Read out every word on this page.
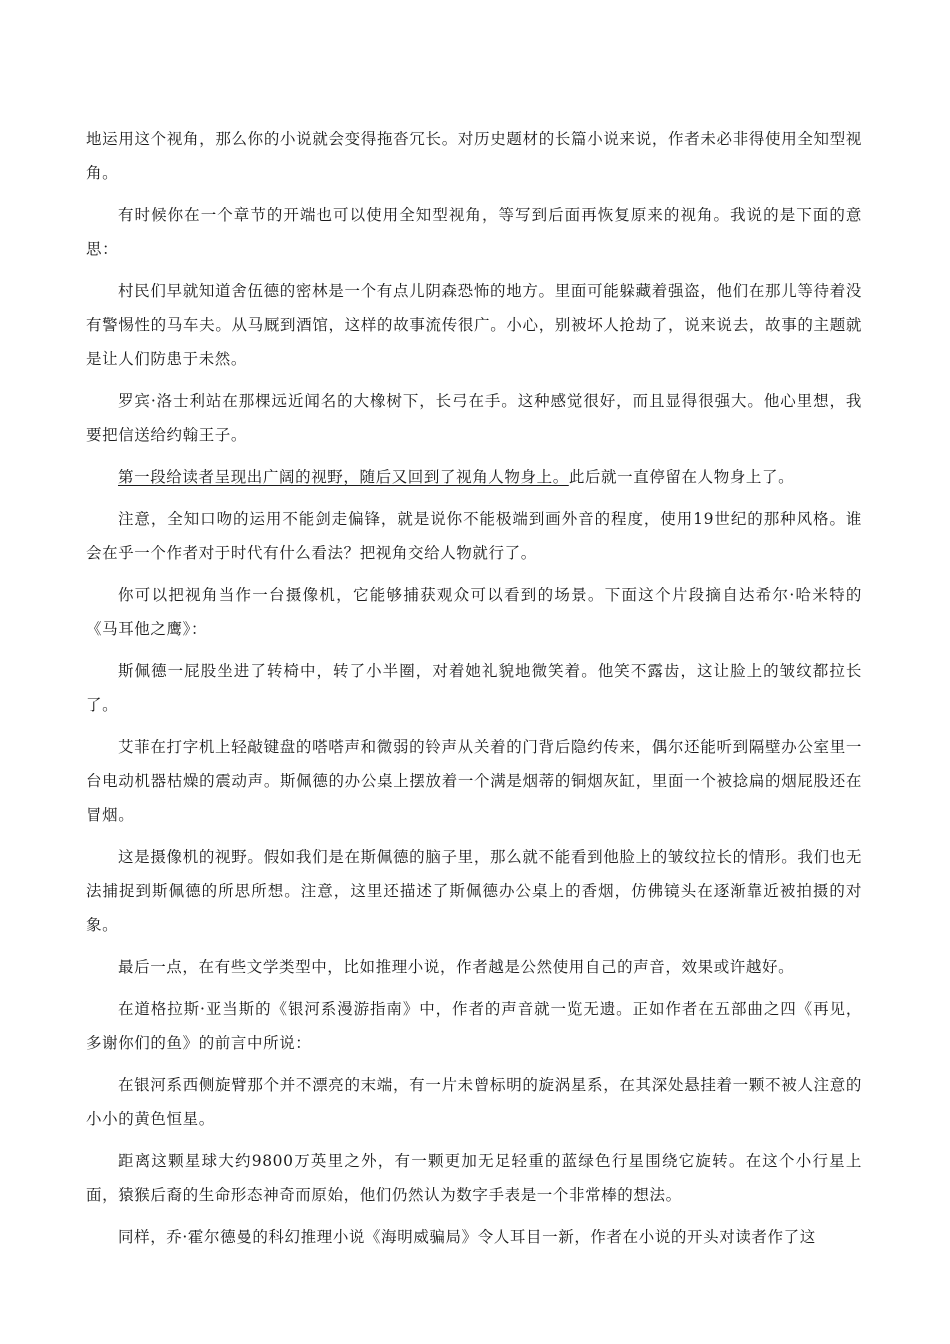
地运用这个视角，那么你的小说就会变得拖沓冗长。对历史题材的长篇小说来说，作者未必非得使用全知型视角。

有时候你在一个章节的开端也可以使用全知型视角，等写到后面再恢复原来的视角。我说的是下面的意思：

村民们早就知道舍伍德的密林是一个有点儿阴森恐怖的地方。里面可能躲藏着强盗，他们在那儿等待着没有警惕性的马车夫。从马厩到酒馆，这样的故事流传很广。小心，别被坏人抢劫了，说来说去，故事的主题就是让人们防患于未然。

罗宾·洛士利站在那棵远近闻名的大橡树下，长弓在手。这种感觉很好，而且显得很强大。他心里想，我要把信送给约翰王子。

第一段给读者呈现出广阔的视野，随后又回到了视角人物身上。此后就一直停留在人物身上了。

注意，全知口吻的运用不能剑走偏锋，就是说你不能极端到画外音的程度，使用19世纪的那种风格。谁会在乎一个作者对于时代有什么看法？把视角交给人物就行了。

你可以把视角当作一台摄像机，它能够捕获观众可以看到的场景。下面这个片段摘自达希尔·哈米特的《马耳他之鹰》：

斯佩德一屁股坐进了转椅中，转了小半圈，对着她礼貌地微笑着。他笑不露齿，这让脸上的皱纹都拉长了。

艾菲在打字机上轻敲键盘的嗒嗒声和微弱的铃声从关着的门背后隐约传来，偶尔还能听到隔壁办公室里一台电动机器枯燥的震动声。斯佩德的办公桌上摆放着一个满是烟蒂的铜烟灰缸，里面一个被捻扁的烟屁股还在冒烟。

这是摄像机的视野。假如我们是在斯佩德的脑子里，那么就不能看到他脸上的皱纹拉长的情形。我们也无法捕捉到斯佩德的所思所想。注意，这里还描述了斯佩德办公桌上的香烟，仿佛镜头在逐渐靠近被拍摄的对象。

最后一点，在有些文学类型中，比如推理小说，作者越是公然使用自己的声音，效果或许越好。

在道格拉斯·亚当斯的《银河系漫游指南》中，作者的声音就一览无遗。正如作者在五部曲之四《再见，多谢你们的鱼》的前言中所说：

在银河系西侧旋臂那个并不漂亮的末端，有一片未曾标明的旋涡星系，在其深处悬挂着一颗不被人注意的小小的黄色恒星。

距离这颗星球大约9800万英里之外，有一颗更加无足轻重的蓝绿色行星围绕它旋转。在这个小行星上面，猿猴后裔的生命形态神奇而原始，他们仍然认为数字手表是一个非常棒的想法。

同样，乔·霍尔德曼的科幻推理小说《海明威骗局》令人耳目一新，作者在小说的开头对读者作了这
